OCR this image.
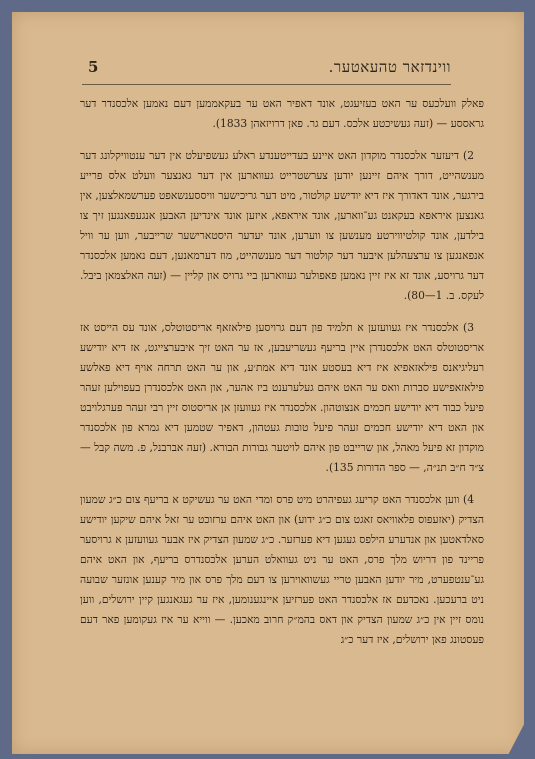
5	ווינדזאר טהעאטער.

פאלק וועלכעס ער האט בעזיעגט, אונד דאפיר האט ער בעקאממען דעם נאמען אלכסנדר דער גראססע — (זעה געשיכטע אלכס. דעם גר. פאן דרויזאהן 1833).

2) דיעזער אלכסנדר מוקדון האט איינע בעדייטענדע ראלע געשפיעלט אין דער ענטוויקלונג דער מענשהייט, דורך איהם זיינען יודען צערשטרייט געווארען אין דער גאנצער וועלט אלס פרייע בירגער, אונד דאדורך איז דיא יודישע קולטור, מיט דער גריכישער וויססענשאפט פערשמאלצען, אין גאנצען איראפא בעקאנט גע־ווארען, אונד איראפא, איזען אונד אינדיען האבען אנגעפאנגען זיך צו בילדען, אונד קולטיווירטע מענשען צו ווערען, אונד יעדער היסטארישער שרייבער, ווען ער וויל אנפאנגען צו ערצעהלען איבער דער קולטור דער מענשהייט, מוז דערמאנען, דעם נאמען אלכסנדר דער גרויסע, אונד זא איז זיין נאמען פאפולער געווארען ביי גרויס און קליין — (זעה האלצמאן ביבל. לעקס. ב. 1—80).

3) אלכסנדר איז געוועזען א תלמיד פון דעם גרויסען פילאזאף אריסטוטלס, אונד עס הייסט אז אריסטוטלס האט אלכסנדרן איין בריעף געשריעבען, אז ער האט זיך איבערצייגט, אז דיא יודישע רעליגיאנס פילאזאפיא איז דיא בעסטע אונד דיא אמת׳ע, און ער האט תרחה אויף דיא פאלשע פילאזאפישע סברות וואס ער האט איהם געלערענט ביז אהער, און האט אלכסנדרן בעפוילען זעהר פיעל כבוד דיא יודישע חכמים אנצוטהון. אלכסנדר איז געוועזן אן אריסטוס זיין רבי זעהר פערגלויבט און האט דיא יודישע חכמים זעהר פיעל טובות געטהון, דאפיר שטמען דיא גמרא פון אלכסנדר מוקדון זא פיעל מאהל, און שרייבט פון איהם לויטער גבורות הבורא. (זעה אברבנל, פ. משה קבל — צ״ד ח״ב תנ״ה, — ספר הדורות 135).

4) ווען אלכסנדר האט קריעג געפיהרט מיט פרס ומדי האט ער געשיקט א בריעף צום כ״ג שמעון הצדיק (יאזעפוס פלאוויאס זאגט צום כ״ג ידוע) און האט איהם ערזוכט ער זאל איהם שיקען יודישע סאלדאטען און אנדערע הילפס געגען דיא פערזער. כ״ג שמעון הצדיק איז אבער געוועזען א גרויסער פריינד פון דריוש מלך פרס, האט ער ניט געוואלט הערען אלכסנדרס בריעף, און האט איהם גע־ענטפערט, מיר יודען האבען טריי געשוואוירען צו דעם מלך פרס און מיר קענען אונזער שבועה ניט ברעכען. נאכדעם אז אלכסנדר האט פערזיען איינגענומען, איז ער געגאנגען קיין ירושלים, ווען נומס זיין אין כ״ג שמעון הצדיק און דאס בהמ״ק חרוב מאכען. — ווייא ער איז געקומען פאר דעם פעסטונג פאן ירושלים, איז דער כ״ג
